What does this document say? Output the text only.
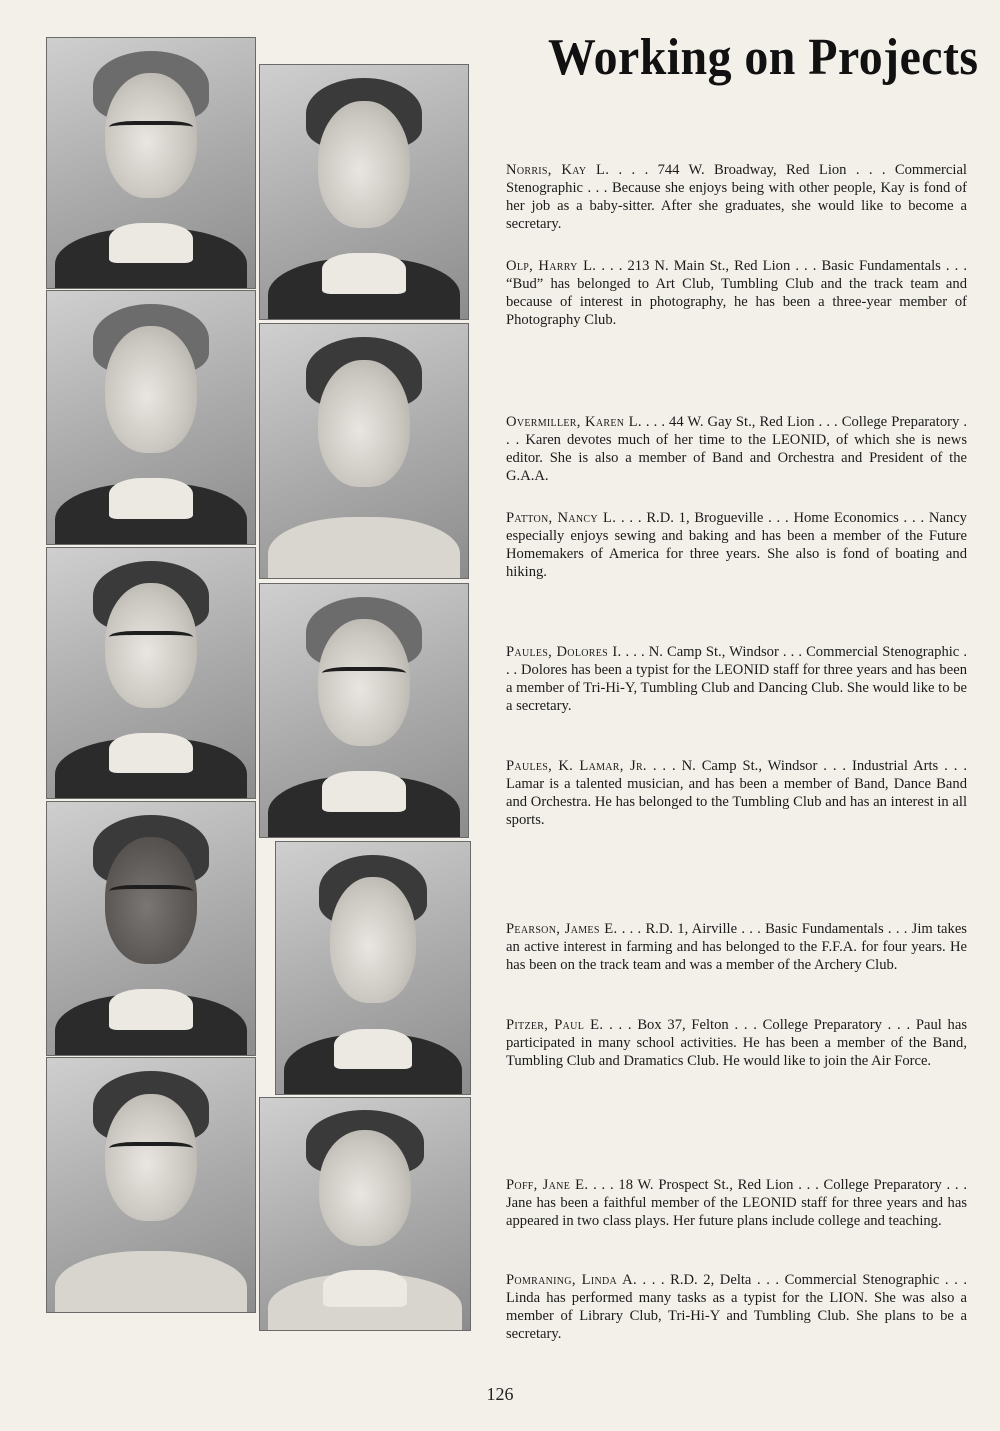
Working on Projects

Norris, Kay L. . . . 744 W. Broadway, Red Lion . . . Commercial Stenographic . . . Because she enjoys being with other people, Kay is fond of her job as a baby-sitter. After she graduates, she would like to become a secretary.

Olp, Harry L. . . . 213 N. Main St., Red Lion . . . Basic Fundamentals . . . “Bud” has belonged to Art Club, Tumbling Club and the track team and because of interest in photography, he has been a three-year member of Photography Club.

Overmiller, Karen L. . . . 44 W. Gay St., Red Lion . . . College Preparatory . . . Karen devotes much of her time to the LEONID, of which she is news editor. She is also a member of Band and Orchestra and President of the G.A.A.

Patton, Nancy L. . . . R.D. 1, Brogueville . . . Home Economics . . . Nancy especially enjoys sewing and baking and has been a member of the Future Homemakers of America for three years. She also is fond of boating and hiking.

Paules, Dolores I. . . . N. Camp St., Windsor . . . Commercial Stenographic . . . Dolores has been a typist for the LEONID staff for three years and has been a member of Tri-Hi-Y, Tumbling Club and Dancing Club. She would like to be a secretary.

Paules, K. Lamar, Jr. . . . N. Camp St., Windsor . . . Industrial Arts . . . Lamar is a talented musician, and has been a member of Band, Dance Band and Orchestra. He has belonged to the Tumbling Club and has an interest in all sports.

Pearson, James E. . . . R.D. 1, Airville . . . Basic Fundamentals . . . Jim takes an active interest in farming and has belonged to the F.F.A. for four years. He has been on the track team and was a member of the Archery Club.

Pitzer, Paul E. . . . Box 37, Felton . . . College Preparatory . . . Paul has participated in many school activities. He has been a member of the Band, Tumbling Club and Dramatics Club. He would like to join the Air Force.

Poff, Jane E. . . . 18 W. Prospect St., Red Lion . . . College Preparatory . . . Jane has been a faithful member of the LEONID staff for three years and has appeared in two class plays. Her future plans include college and teaching.

Pomraning, Linda A. . . . R.D. 2, Delta . . . Commercial Stenographic . . . Linda has performed many tasks as a typist for the LION. She was also a member of Library Club, Tri-Hi-Y and Tumbling Club. She plans to be a secretary.

126
